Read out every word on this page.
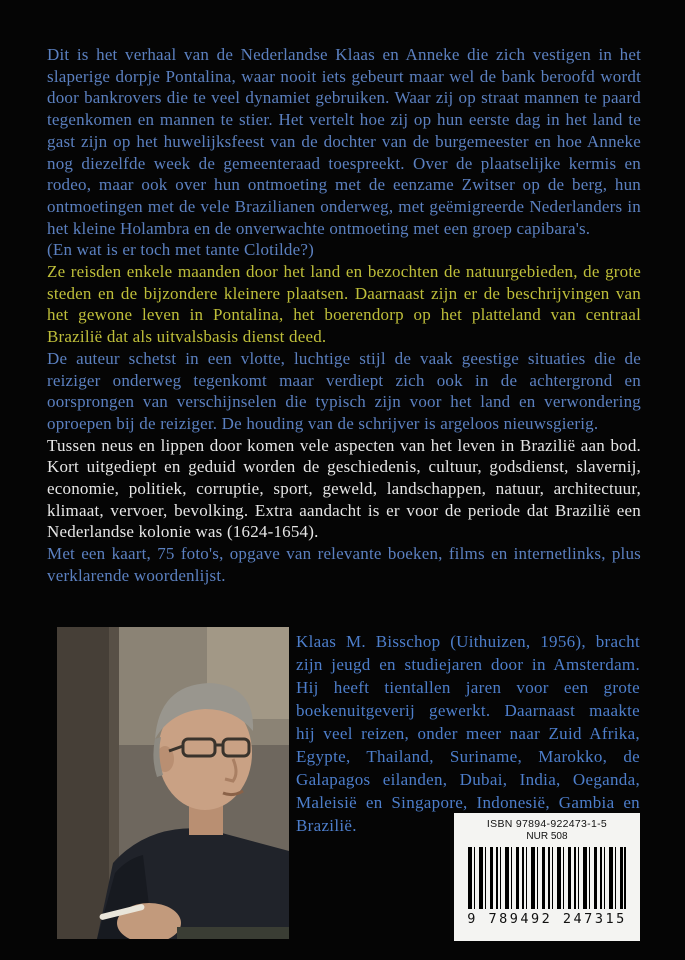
Dit is het verhaal van de Nederlandse Klaas en Anneke die zich vestigen in het slaperige dorpje Pontalina, waar nooit iets gebeurt maar wel de bank beroofd wordt door bankrovers die te veel dynamiet gebruiken. Waar zij op straat mannen te paard tegenkomen en mannen te stier. Het vertelt hoe zij op hun eerste dag in het land te gast zijn op het huwelijksfeest van de dochter van de burgemeester en hoe Anneke nog diezelfde week de gemeenteraad toespreekt. Over de plaatselijke kermis en rodeo, maar ook over hun ontmoeting met de eenzame Zwitser op de berg, hun ontmoetingen met de vele Brazilianen onderweg, met geëmigreerde Nederlanders in het kleine Holambra en de onverwachte ontmoeting met een groep capibara's.

(En wat is er toch met tante Clotilde?)

Ze reisden enkele maanden door het land en bezochten de natuurgebieden, de grote steden en de bijzondere kleinere plaatsen. Daarnaast zijn er de beschrijvingen van het gewone leven in Pontalina, het boerendorp op het platteland van centraal Brazilië dat als uitvalsbasis dienst deed.

De auteur schetst in een vlotte, luchtige stijl de vaak geestige situaties die de reiziger onderweg tegenkomt maar verdiept zich ook in de achtergrond en oorsprongen van verschijnselen die typisch zijn voor het land en verwondering oproepen bij de reiziger. De houding van de schrijver is argeloos nieuwsgierig.

Tussen neus en lippen door komen vele aspecten van het leven in Brazilië aan bod. Kort uitgediept en geduid worden de geschiedenis, cultuur, godsdienst, slavernij, economie, politiek, corruptie, sport, geweld, landschappen, natuur, architectuur, klimaat, vervoer, bevolking. Extra aandacht is er voor de periode dat Brazilië een Nederlandse kolonie was (1624-1654).

Met een kaart, 75 foto's, opgave van relevante boeken, films en internetlinks, plus verklarende woordenlijst.

Klaas M. Bisschop (Uithuizen, 1956), bracht zijn jeugd en studiejaren door in Amsterdam. Hij heeft tientallen jaren voor een grote boekenuitgeverij gewerkt. Daarnaast maakte hij veel reizen, onder meer naar Zuid Afrika, Egypte, Thailand, Suriname, Marokko, de Galapagos eilanden, Dubai, India, Oeganda, Maleisië en Singapore, Indonesië, Gambia en Brazilië.	ISBN 97894-922473-1-5
NUR 508
9 789492 247315
